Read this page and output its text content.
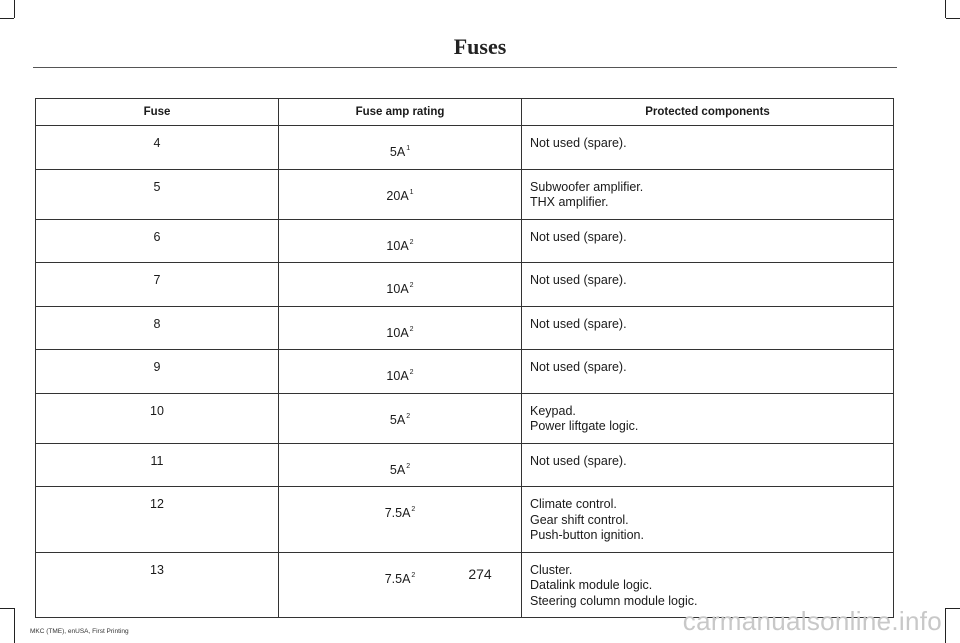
Fuses
Fuse	Fuse amp rating	Protected components
4	$5A^1$	Not used (spare).

5	$20A^1$	Subwoofer amplifier.
THX amplifier.

6	$10A^2$	Not used (spare).

7	$10A^2$	Not used (spare).

8	$10A^2$	Not used (spare).

9	$10A^2$	Not used (spare).

10	$5A^2$	Keypad.
Power liftgate logic.

11	$5A^2$	Not used (spare).

12	$7.5A^2$	Climate control.
Gear shift control.
Push-button ignition.

13	$7.5A^2$	Cluster.
Datalink module logic.
Steering column module logic.
274
MKC (TME), enUSA, First Printing	carmanualsonline.info
